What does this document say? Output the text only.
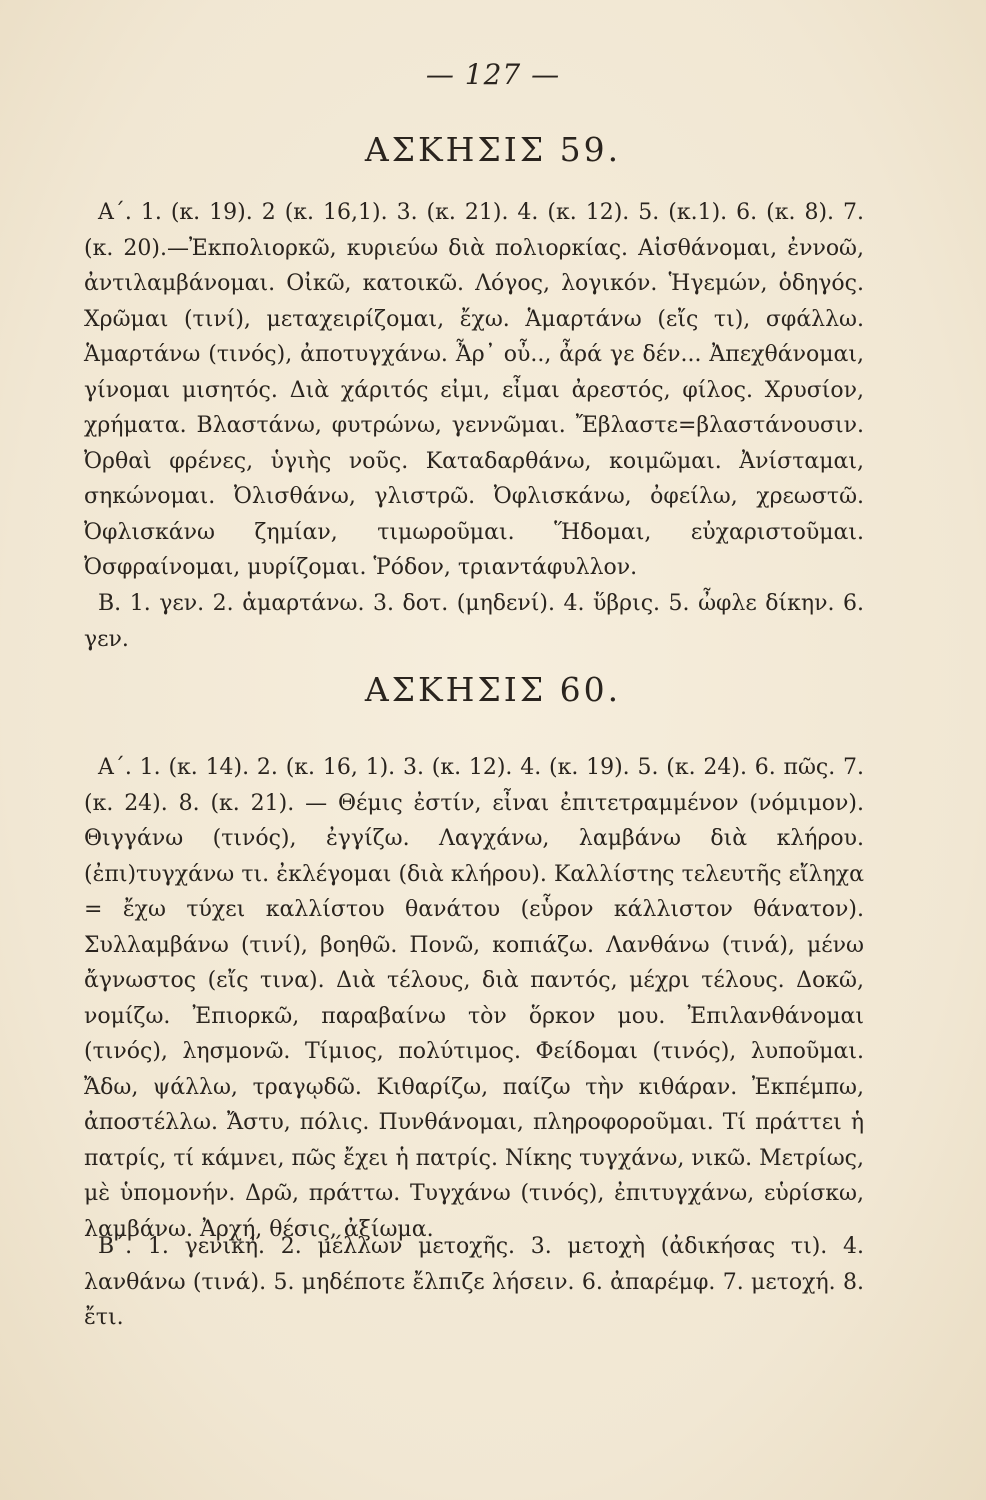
— 127 —
ΑΣΚΗΣΙΣ 59.

Α΄. 1. (κ. 19). 2 (κ. 16,1). 3. (κ. 21). 4. (κ. 12). 5. (κ.1). 6. (κ. 8). 7. (κ. 20).—Ἐκπολιορκῶ, κυριεύω διὰ πολιορκίας. Αἰσθάνομαι, ἐννοῶ, ἀντιλαμβάνομαι. Οἰκῶ, κατοικῶ. Λόγος, λογικόν. Ἡγεμών, ὁδηγός. Χρῶμαι (τινί), μεταχειρίζομαι, ἔχω. Ἁμαρτάνω (εἴς τι), σφάλλω. Ἁμαρτάνω (τινός), ἀποτυγχάνω. Ἆρ᾽ οὖ.., ἆρά γε δέν... Ἀπεχθάνομαι, γίνομαι μισητός. Διὰ χάριτός εἰμι, εἶμαι ἀρεστός, φίλος. Χρυσίον, χρήματα. Βλαστάνω, φυτρώνω, γεννῶμαι. Ἔβλαστε=βλαστάνουσιν. Ὀρθαὶ φρένες, ὑγιὴς νοῦς. Καταδαρθάνω, κοιμῶμαι. Ἀνίσταμαι, σηκώνομαι. Ὀλισθάνω, γλιστρῶ. Ὀφλισκάνω, ὀφείλω, χρεωστῶ. Ὀφλισκάνω ζημίαν, τιμωροῦμαι. Ἥδομαι, εὐχαριστοῦμαι. Ὀσφραίνομαι, μυρίζομαι. Ῥόδον, τριαντάφυλλον.

Β. 1. γεν. 2. ἁμαρτάνω. 3. δοτ. (μηδενί). 4. ὕβρις. 5. ὦφλε δίκην. 6. γεν.

ΑΣΚΗΣΙΣ 60.

Α΄. 1. (κ. 14). 2. (κ. 16, 1). 3. (κ. 12). 4. (κ. 19). 5. (κ. 24). 6. πῶς. 7. (κ. 24). 8. (κ. 21). — Θέμις ἐστίν, εἶναι ἐπιτετραμμένον (νόμιμον). Θιγγάνω (τινός), ἐγγίζω. Λαγχάνω, λαμβάνω διὰ κλήρου. (ἐπι)τυγχάνω τι. ἐκλέγομαι (διὰ κλήρου). Καλλίστης τελευτῆς εἴληχα = ἔχω τύχει καλλίστου θανάτου (εὗρον κάλλιστον θάνατον). Συλλαμβάνω (τινί), βοηθῶ. Πονῶ, κοπιάζω. Λανθάνω (τινά), μένω ἄγνωστος (εἴς τινα). Διὰ τέλους, διὰ παντός, μέχρι τέλους. Δοκῶ, νομίζω. Ἐπιορκῶ, παραβαίνω τὸν ὅρκον μου. Ἐπιλανθάνομαι (τινός), λησμονῶ. Τίμιος, πολύτιμος. Φείδομαι (τινός), λυποῦμαι. Ἄδω, ψάλλω, τραγῳδῶ. Κιθαρίζω, παίζω τὴν κιθάραν. Ἐκπέμπω, ἀποστέλλω. Ἄστυ, πόλις. Πυνθάνομαι, πληροφοροῦμαι. Τί πράττει ἡ πατρίς, τί κάμνει, πῶς ἔχει ἡ πατρίς. Νίκης τυγχάνω, νικῶ. Μετρίως, μὲ ὑπομονήν. Δρῶ, πράττω. Τυγχάνω (τινός), ἐπιτυγχάνω, εὑρίσκω, λαμβάνω. Ἀρχή, θέσις, ἀξίωμα.

Β΄. 1. γενική. 2. μέλλων μετοχῆς. 3. μετοχὴ (ἀδικήσας τι). 4. λανθάνω (τινά). 5. μηδέποτε ἔλπιζε λήσειν. 6. ἀπαρέμφ. 7. μετοχή. 8. ἔτι.
